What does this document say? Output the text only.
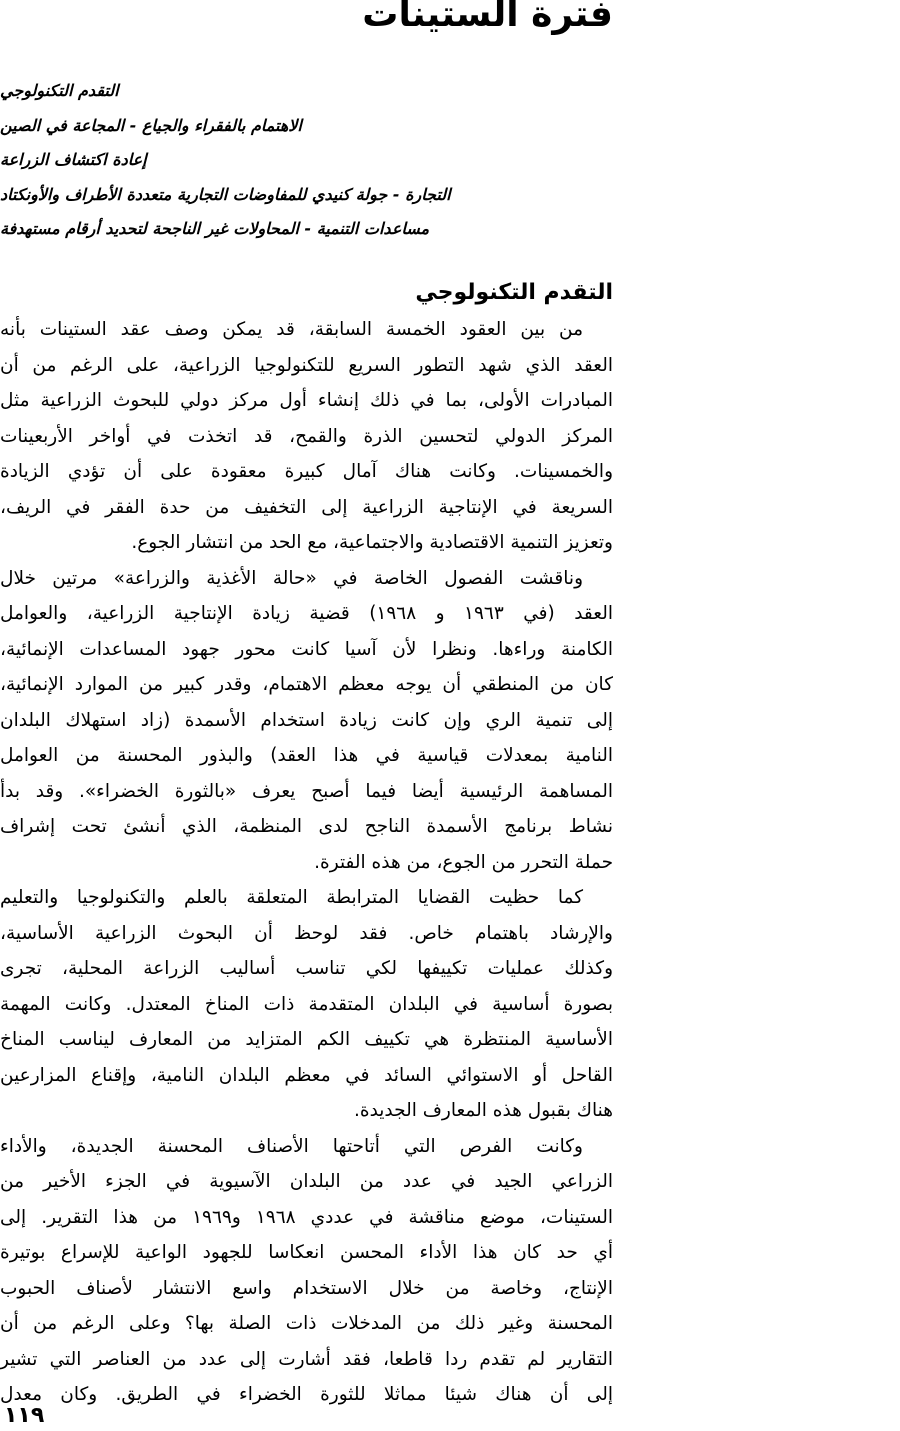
فترة الستينات
التقدم التكنولوجي
الاهتمام بالفقراء والجياع - المجاعة في الصين
إعادة اكتشاف الزراعة
التجارة - جولة كنيدي للمفاوضات التجارية متعددة الأطراف والأونكتاد
مساعدات التنمية - المحاولات غير الناجحة لتحديد أرقام مستهدفة
التقدم التكنولوجي
من بين العقود الخمسة السابقة، قد يمكن وصف عقد الستينات بأنه
العقد الذي شهد التطور السريع للتكنولوجيا الزراعية، على الرغم من أن
المبادرات الأولى، بما في ذلك إنشاء أول مركز دولي للبحوث الزراعية مثل
المركز الدولي لتحسين الذرة والقمح، قد اتخذت في أواخر الأربعينات
والخمسينات. وكانت هناك آمال كبيرة معقودة على أن تؤدي الزيادة
السريعة في الإنتاجية الزراعية إلى التخفيف من حدة الفقر في الريف،
وتعزيز التنمية الاقتصادية والاجتماعية، مع الحد من انتشار الجوع.
وناقشت الفصول الخاصة في «حالة الأغذية والزراعة» مرتين خلال
العقد (في ١٩٦٣ و ١٩٦٨) قضية زيادة الإنتاجية الزراعية، والعوامل
الكامنة وراءها. ونظرا لأن آسيا كانت محور جهود المساعدات الإنمائية،
كان من المنطقي أن يوجه معظم الاهتمام، وقدر كبير من الموارد الإنمائية،
إلى تنمية الري وإن كانت زيادة استخدام الأسمدة (زاد استهلاك البلدان
النامية بمعدلات قياسية في هذا العقد) والبذور المحسنة من العوامل
المساهمة الرئيسية أيضا فيما أصبح يعرف «بالثورة الخضراء». وقد بدأ
نشاط برنامج الأسمدة الناجح لدى المنظمة، الذي أنشئ تحت إشراف
حملة التحرر من الجوع، من هذه الفترة.
كما حظيت القضايا المترابطة المتعلقة بالعلم والتكنولوجيا والتعليم
والإرشاد باهتمام خاص. فقد لوحظ أن البحوث الزراعية الأساسية،
وكذلك عمليات تكييفها لكي تناسب أساليب الزراعة المحلية، تجرى
بصورة أساسية في البلدان المتقدمة ذات المناخ المعتدل. وكانت المهمة
الأساسية المنتظرة هي تكييف الكم المتزايد من المعارف ليناسب المناخ
القاحل أو الاستوائي السائد في معظم البلدان النامية، وإقناع المزارعين
هناك بقبول هذه المعارف الجديدة.
وكانت الفرص التي أتاحتها الأصناف المحسنة الجديدة، والأداء
الزراعي الجيد في عدد من البلدان الآسيوية في الجزء الأخير من
الستينات، موضع مناقشة في عددي ١٩٦٨ و١٩٦٩ من هذا التقرير. إلى
أي حد كان هذا الأداء المحسن انعكاسا للجهود الواعية للإسراع بوتيرة
الإنتاج، وخاصة من خلال الاستخدام واسع الانتشار لأصناف الحبوب
المحسنة وغير ذلك من المدخلات ذات الصلة بها؟ وعلى الرغم من أن
التقارير لم تقدم ردا قاطعا، فقد أشارت إلى عدد من العناصر التي تشير
إلى أن هناك شيئا مماثلا للثورة الخضراء في الطريق. وكان معدل
١١٩
